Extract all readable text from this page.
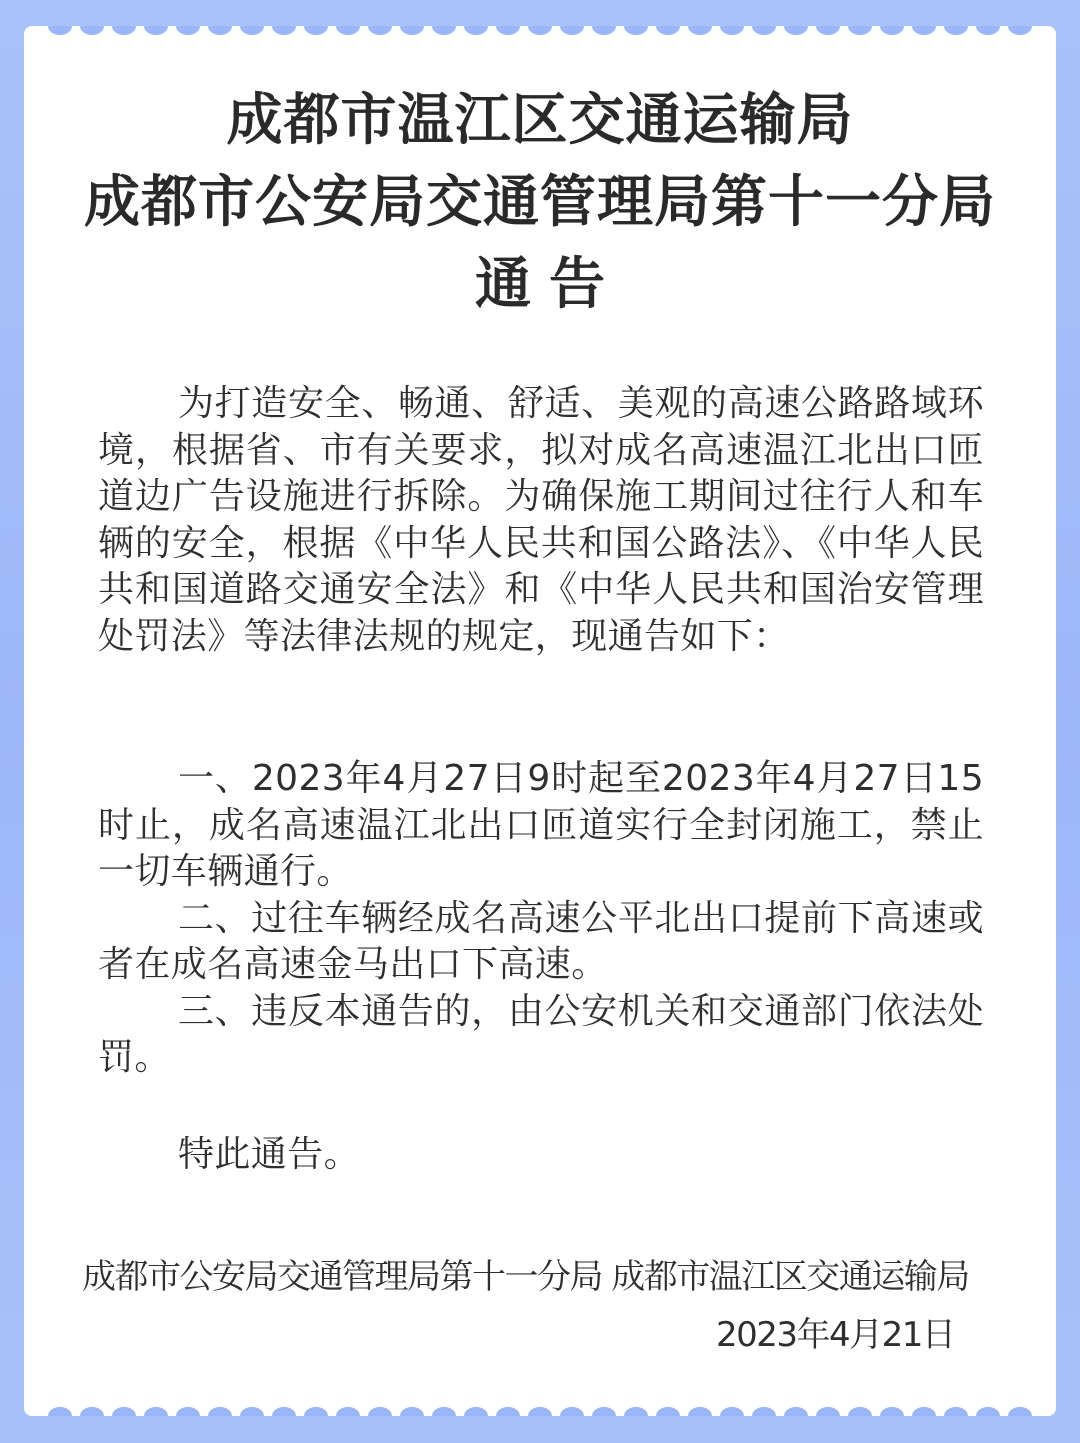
成都市温江区交通运输局
成都市公安局交通管理局第十一分局
通告

为打造安全、畅通、舒适、美观的高速公路路域环境，根据省、市有关要求，拟对成名高速温江北出口匝道边广告设施进行拆除。为确保施工期间过往行人和车辆的安全，根据《中华人民共和国公路法》、《中华人民共和国道路交通安全法》和《中华人民共和国治安管理处罚法》等法律法规的规定，现通告如下：

一、2023年4月27日9时起至2023年4月27日15时止，成名高速温江北出口匝道实行全封闭施工，禁止一切车辆通行。

二、过往车辆经成名高速公平北出口提前下高速或者在成名高速金马出口下高速。

三、违反本通告的，由公安机关和交通部门依法处罚。

特此通告。

成都市公安局交通管理局第十一分局 成都市温江区交通运输局
2023年4月21日
